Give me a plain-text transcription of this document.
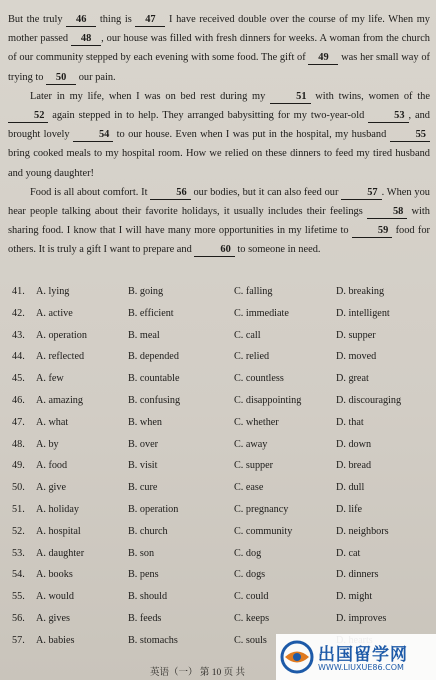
But the truly 46 thing is 47 I have received double over the course of my life. When my mother passed 48 , our house was filled with fresh dinners for weeks. A woman from the church of our community stepped by each evening with some food. The gift of 49 was her small way of trying to 50 our pain.

Later in my life, when I was on bed rest during my	51 with twins, women of the 52 again stepped in to help. They arranged babysitting for my two-year-old	53 , and brought lovely	54 to our house. Even when I was put in the hospital, my husband	55 bring cooked meals to my hospital room. How we relied on these dinners to feed my tired husband and young daughter!

Food is all about comfort. It	56 our bodies, but it can also feed our	57 . When you hear people talking about their favorite holidays, it usually includes their feelings	58 with sharing food. I know that I will have many more opportunities in my lifetime to	59 food for others. It is truly a gift I want to prepare and	60 to someone in need.

41. A. lying	B. going	C. falling	D. breaking
42. A. active	B. efficient	C. immediate	D. intelligent
43. A. operation	B. meal	C. call	D. supper
44. A. reflected	B. depended	C. relied	D. moved
45. A. few	B. countable	C. countless	D. great
46. A. amazing	B. confusing	C. disappointing	D. discouraging
47. A. what	B. when	C. whether	D. that
48. A. by	B. over	C. away	D. down
49. A. food	B. visit	C. supper	D. bread
50. A. give	B. cure	C. ease	D. dull
51. A. holiday	B. operation	C. pregnancy	D. life
52. A. hospital	B. church	C. community	D. neighbors
53. A. daughter	B. son	C. dog	D. cat
54. A. books	B. pens	C. dogs	D. dinners
55. A. would	B. should	C. could	D. might
56. A. gives	B. feeds	C. keeps	D. improves
57. A. babies	B. stomachs	C. souls
英语（一） 第 10 页 共
出国留学网
WWW.LIUXUE86.COM
